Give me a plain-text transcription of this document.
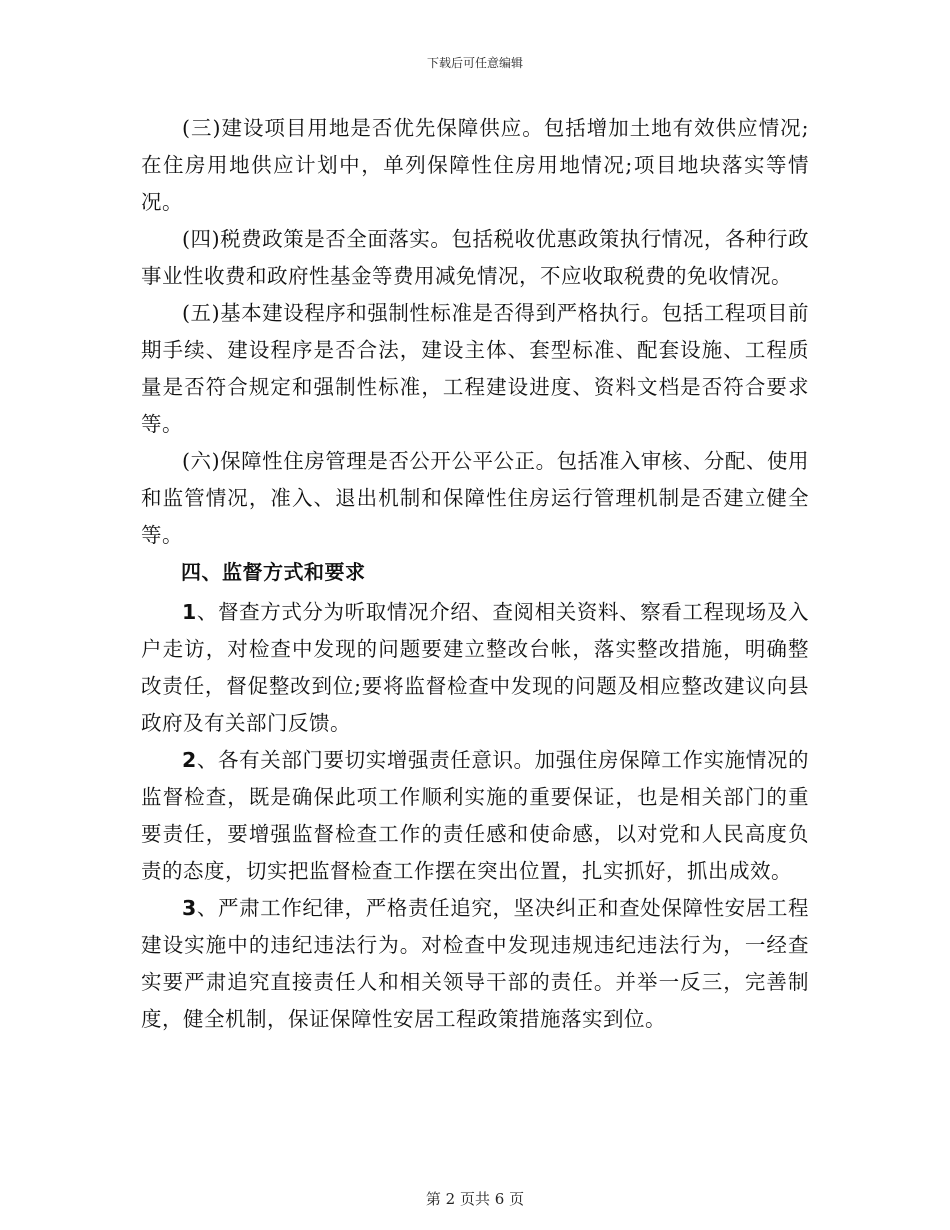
下载后可任意编辑

(三)建设项目用地是否优先保障供应。包括增加土地有效供应情况;在住房用地供应计划中，单列保障性住房用地情况;项目地块落实等情况。

(四)税费政策是否全面落实。包括税收优惠政策执行情况，各种行政事业性收费和政府性基金等费用减免情况，不应收取税费的免收情况。

(五)基本建设程序和强制性标准是否得到严格执行。包括工程项目前期手续、建设程序是否合法，建设主体、套型标准、配套设施、工程质量是否符合规定和强制性标准，工程建设进度、资料文档是否符合要求等。

(六)保障性住房管理是否公开公平公正。包括准入审核、分配、使用和监管情况，准入、退出机制和保障性住房运行管理机制是否建立健全等。

四、监督方式和要求

1、督查方式分为听取情况介绍、查阅相关资料、察看工程现场及入户走访，对检查中发现的问题要建立整改台帐，落实整改措施，明确整改责任，督促整改到位;要将监督检查中发现的问题及相应整改建议向县政府及有关部门反馈。

2、各有关部门要切实增强责任意识。加强住房保障工作实施情况的监督检查，既是确保此项工作顺利实施的重要保证，也是相关部门的重要责任，要增强监督检查工作的责任感和使命感，以对党和人民高度负责的态度，切实把监督检查工作摆在突出位置，扎实抓好，抓出成效。

3、严肃工作纪律，严格责任追究，坚决纠正和查处保障性安居工程建设实施中的违纪违法行为。对检查中发现违规违纪违法行为，一经查实要严肃追究直接责任人和相关领导干部的责任。并举一反三，完善制度，健全机制，保证保障性安居工程政策措施落实到位。

第 2 页共 6 页
